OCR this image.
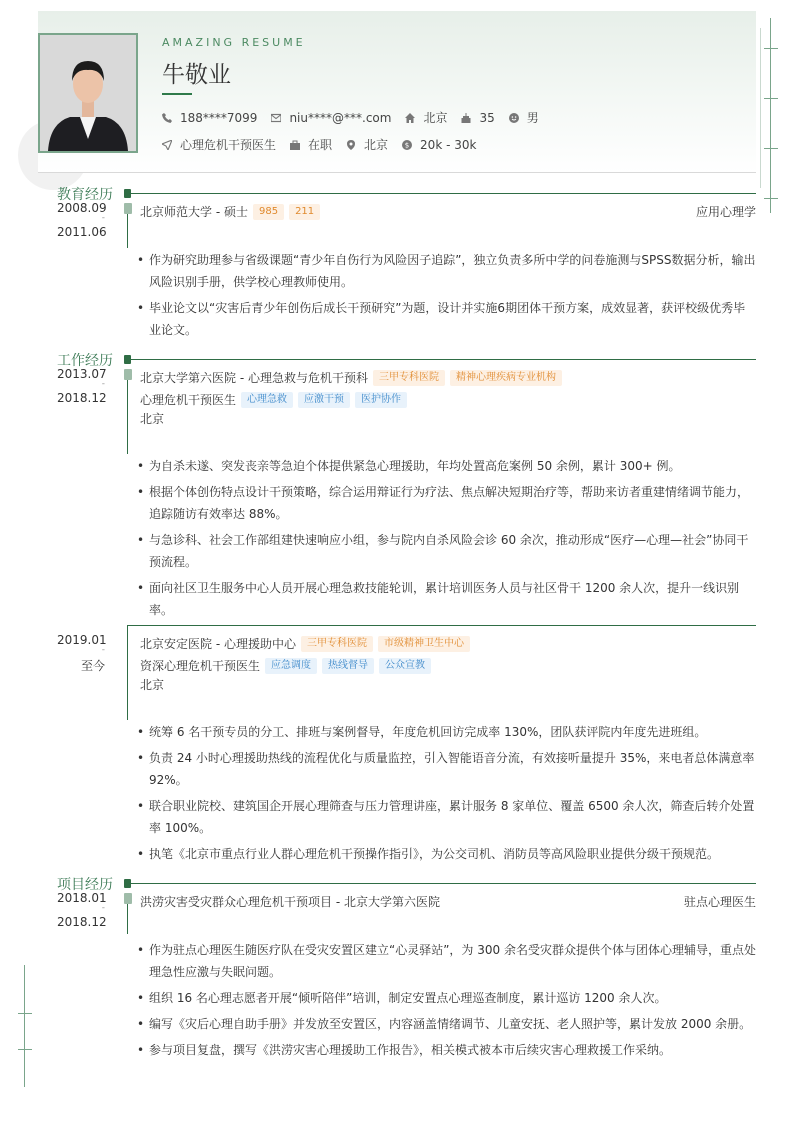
AMAZING RESUME
牛敬业
188****7099	niu****@***.com	北京	35	男
心理危机干预医生	在职	北京 $ 20k - 30k
教育经历
2008.09
-
2011.06
北京师范大学 - 硕士	985	211	应用心理学
• 作为研究助理参与省级课题“青少年自伤行为风险因子追踪”，独立负责多所中学的问卷施测与SPSS数据分析，输出风险识别手册，供学校心理教师使用。
• 毕业论文以“灾害后青少年创伤后成长干预研究”为题，设计并实施6期团体干预方案，成效显著，获评校级优秀毕业论文。
工作经历
2013.07
-
2018.12
北京大学第六医院 - 心理急救与危机干预科	三甲专科医院	精神心理疾病专业机构
心理危机干预医生	心理急救	应激干预	医护协作
北京
• 为自杀未遂、突发丧亲等急迫个体提供紧急心理援助，年均处置高危案例 50 余例，累计 300+ 例。
• 根据个体创伤特点设计干预策略，综合运用辩证行为疗法、焦点解决短期治疗等，帮助来访者重建情绪调节能力，追踪随访有效率达 88%。
• 与急诊科、社会工作部组建快速响应小组，参与院内自杀风险会诊 60 余次，推动形成“医疗—心理—社会”协同干预流程。
• 面向社区卫生服务中心人员开展心理急救技能轮训，累计培训医务人员与社区骨干 1200 余人次，提升一线识别率。
2019.01
-
至今
北京安定医院 - 心理援助中心	三甲专科医院	市级精神卫生中心
资深心理危机干预医生	应急调度	热线督导	公众宣教
北京
• 统筹 6 名干预专员的分工、排班与案例督导，年度危机回访完成率 130%，团队获评院内年度先进班组。
• 负责 24 小时心理援助热线的流程优化与质量监控，引入智能语音分流，有效接听量提升 35%，来电者总体满意率 92%。
• 联合职业院校、建筑国企开展心理筛查与压力管理讲座，累计服务 8 家单位、覆盖 6500 余人次，筛查后转介处置率 100%。
• 执笔《北京市重点行业人群心理危机干预操作指引》，为公交司机、消防员等高风险职业提供分级干预规范。
项目经历
2018.01
-
2018.12
洪涝灾害受灾群众心理危机干预项目 - 北京大学第六医院	驻点心理医生
• 作为驻点心理医生随医疗队在受灾安置区建立“心灵驿站”，为 300 余名受灾群众提供个体与团体心理辅导，重点处理急性应激与失眠问题。
• 组织 16 名心理志愿者开展“倾听陪伴”培训，制定安置点心理巡查制度，累计巡访 1200 余人次。
• 编写《灾后心理自助手册》并发放至安置区，内容涵盖情绪调节、儿童安抚、老人照护等，累计发放 2000 余册。
• 参与项目复盘，撰写《洪涝灾害心理援助工作报告》，相关模式被本市后续灾害心理救援工作采纳。
